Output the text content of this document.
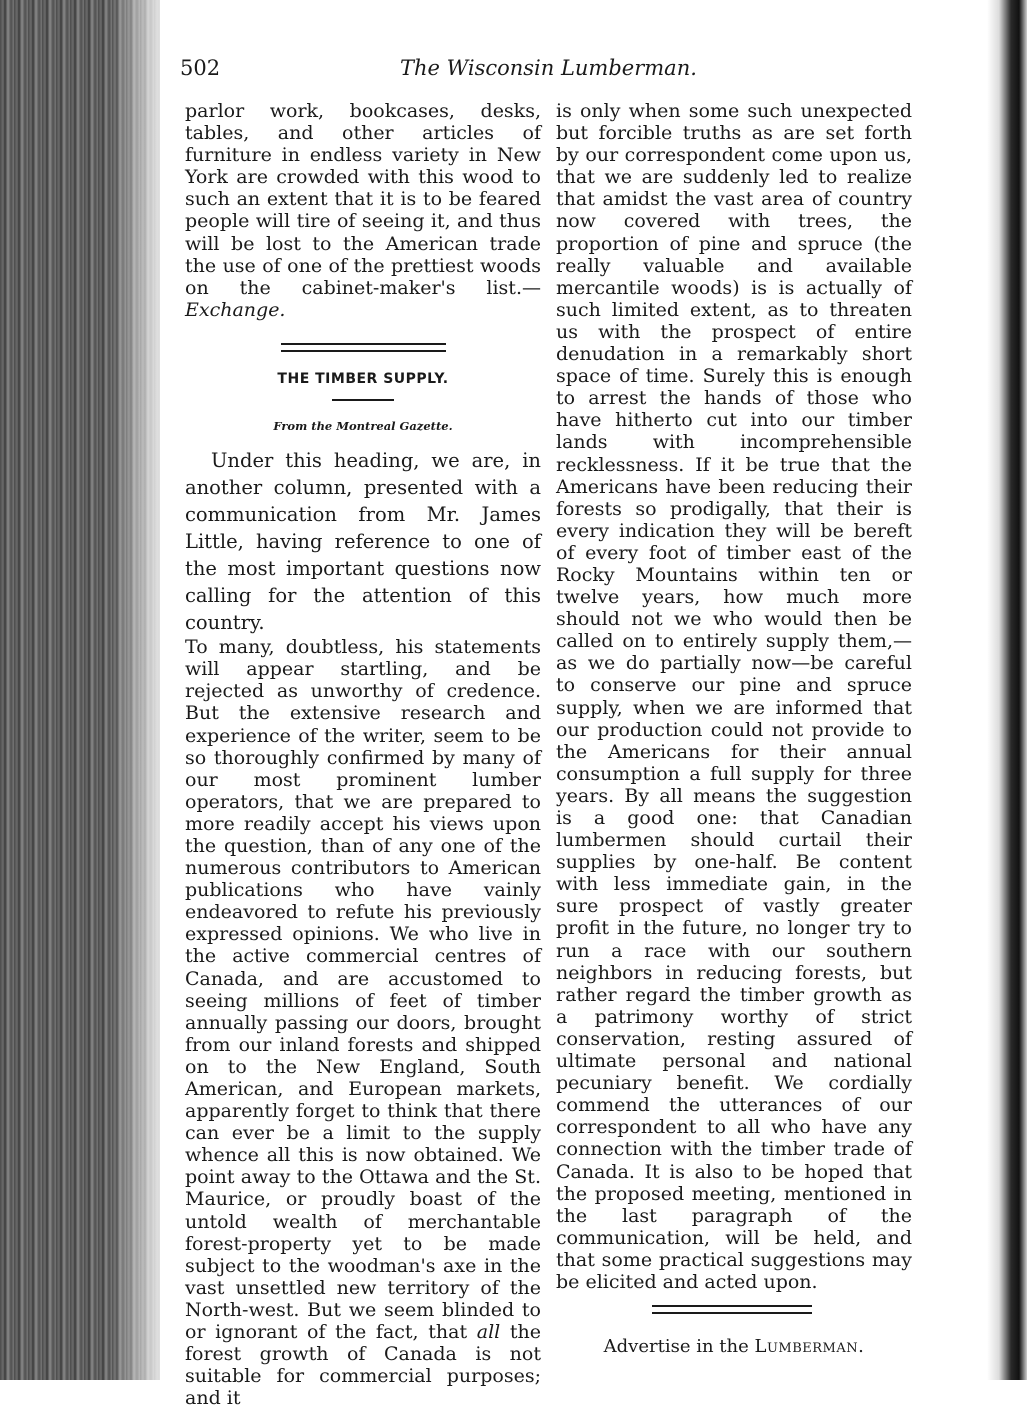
502	The Wisconsin Lumberman.

parlor work, bookcases, desks, tables, and other articles of furniture in endless variety in New York are crowded with this wood to such an extent that it is to be feared people will tire of seeing it, and thus will be lost to the American trade the use of one of the prettiest woods on the cabinet-maker's list.—Exchange.

THE TIMBER SUPPLY.
From the Montreal Gazette.

Under this heading, we are, in another column, presented with a communication from Mr. James Little, having reference to one of the most important questions now calling for the attention of this country.

To many, doubtless, his statements will appear startling, and be rejected as unworthy of credence. But the extensive research and experience of the writer, seem to be so thoroughly confirmed by many of our most prominent lumber operators, that we are prepared to more readily accept his views upon the question, than of any one of the numerous contributors to American publications who have vainly endeavored to refute his previously expressed opinions. We who live in the active commercial centres of Canada, and are accustomed to seeing millions of feet of timber annually passing our doors, brought from our inland forests and shipped on to the New England, South American, and European markets, apparently forget to think that there can ever be a limit to the supply whence all this is now obtained. We point away to the Ottawa and the St. Maurice, or proudly boast of the untold wealth of merchantable forest-property yet to be made subject to the woodman's axe in the vast unsettled new territory of the North-west. But we seem blinded to or ignorant of the fact, that all the forest growth of Canada is not suitable for commercial purposes; and it

is only when some such unexpected but forcible truths as are set forth by our correspondent come upon us, that we are suddenly led to realize that amidst the vast area of country now covered with trees, the proportion of pine and spruce (the really valuable and available mercantile woods) is is actually of such limited extent, as to threaten us with the prospect of entire denudation in a remarkably short space of time. Surely this is enough to arrest the hands of those who have hitherto cut into our timber lands with incomprehensible recklessness. If it be true that the Americans have been reducing their forests so prodigally, that their is every indication they will be bereft of every foot of timber east of the Rocky Mountains within ten or twelve years, how much more should not we who would then be called on to entirely supply them,—as we do partially now—be careful to conserve our pine and spruce supply, when we are informed that our production could not provide to the Americans for their annual consumption a full supply for three years. By all means the suggestion is a good one: that Canadian lumbermen should curtail their supplies by one-half. Be content with less immediate gain, in the sure prospect of vastly greater profit in the future, no longer try to run a race with our southern neighbors in reducing forests, but rather regard the timber growth as a patrimony worthy of strict conservation, resting assured of ultimate personal and national pecuniary benefit. We cordially commend the utterances of our correspondent to all who have any connection with the timber trade of Canada. It is also to be hoped that the proposed meeting, mentioned in the last paragraph of the communication, will be held, and that some practical suggestions may be elicited and acted upon.

Advertise in the Lumberman.
